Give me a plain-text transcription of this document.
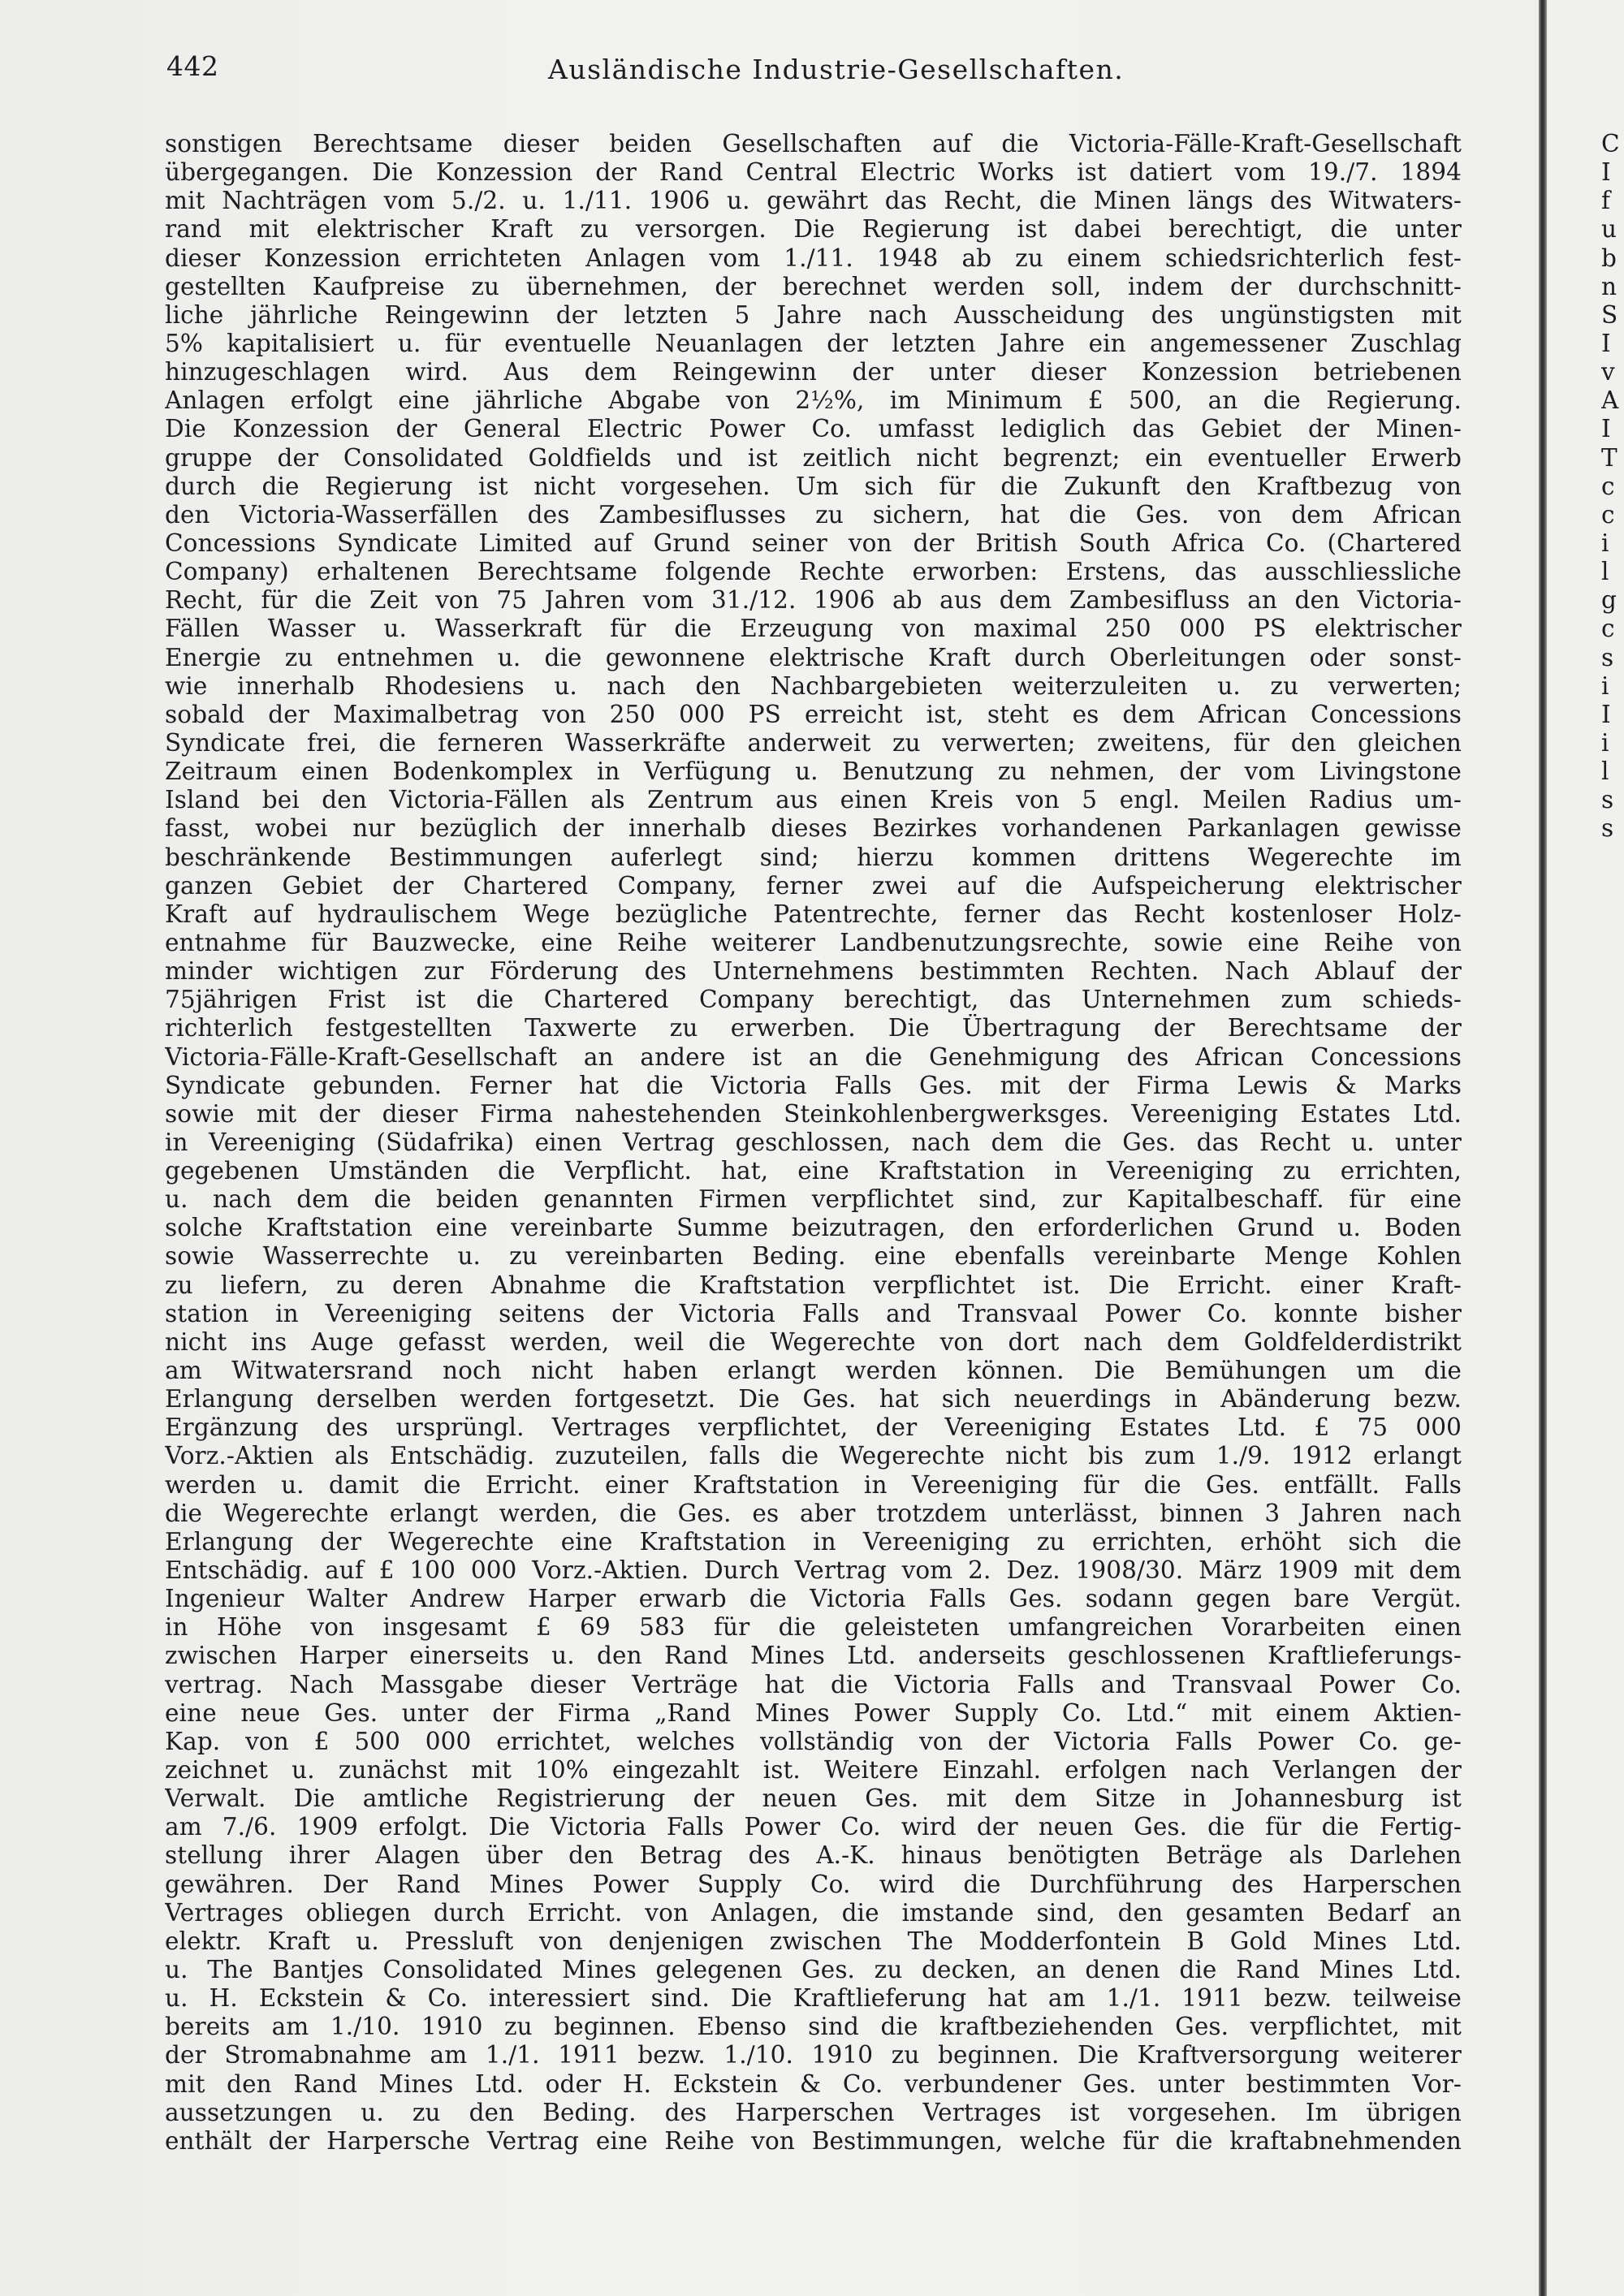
442	Ausländische Industrie-Gesellschaften.
sonstigen Berechtsame dieser beiden Gesellschaften auf die Victoria-Fälle-Kraft-Gesellschaft
übergegangen. Die Konzession der Rand Central Electric Works ist datiert vom 19./7. 1894
mit Nachträgen vom 5./2. u. 1./11. 1906 u. gewährt das Recht, die Minen längs des Witwaters-
rand mit elektrischer Kraft zu versorgen. Die Regierung ist dabei berechtigt, die unter
dieser Konzession errichteten Anlagen vom 1./11. 1948 ab zu einem schiedsrichterlich fest-
gestellten Kaufpreise zu übernehmen, der berechnet werden soll, indem der durchschnitt-
liche jährliche Reingewinn der letzten 5 Jahre nach Ausscheidung des ungünstigsten mit
5% kapitalisiert u. für eventuelle Neuanlagen der letzten Jahre ein angemessener Zuschlag
hinzugeschlagen wird. Aus dem Reingewinn der unter dieser Konzession betriebenen
Anlagen erfolgt eine jährliche Abgabe von 2½%, im Minimum £ 500, an die Regierung.
Die Konzession der General Electric Power Co. umfasst lediglich das Gebiet der Minen-
gruppe der Consolidated Goldfields und ist zeitlich nicht begrenzt; ein eventueller Erwerb
durch die Regierung ist nicht vorgesehen. Um sich für die Zukunft den Kraftbezug von
den Victoria-Wasserfällen des Zambesiflusses zu sichern, hat die Ges. von dem African
Concessions Syndicate Limited auf Grund seiner von der British South Africa Co. (Chartered
Company) erhaltenen Berechtsame folgende Rechte erworben: Erstens, das ausschliessliche
Recht, für die Zeit von 75 Jahren vom 31./12. 1906 ab aus dem Zambesifluss an den Victoria-
Fällen Wasser u. Wasserkraft für die Erzeugung von maximal 250 000 PS elektrischer
Energie zu entnehmen u. die gewonnene elektrische Kraft durch Oberleitungen oder sonst-
wie innerhalb Rhodesiens u. nach den Nachbargebieten weiterzuleiten u. zu verwerten;
sobald der Maximalbetrag von 250 000 PS erreicht ist, steht es dem African Concessions
Syndicate frei, die ferneren Wasserkräfte anderweit zu verwerten; zweitens, für den gleichen
Zeitraum einen Bodenkomplex in Verfügung u. Benutzung zu nehmen, der vom Livingstone
Island bei den Victoria-Fällen als Zentrum aus einen Kreis von 5 engl. Meilen Radius um-
fasst, wobei nur bezüglich der innerhalb dieses Bezirkes vorhandenen Parkanlagen gewisse
beschränkende Bestimmungen auferlegt sind; hierzu kommen drittens Wegerechte im
ganzen Gebiet der Chartered Company, ferner zwei auf die Aufspeicherung elektrischer
Kraft auf hydraulischem Wege bezügliche Patentrechte, ferner das Recht kostenloser Holz-
entnahme für Bauzwecke, eine Reihe weiterer Landbenutzungsrechte, sowie eine Reihe von
minder wichtigen zur Förderung des Unternehmens bestimmten Rechten. Nach Ablauf der
75jährigen Frist ist die Chartered Company berechtigt, das Unternehmen zum schieds-
richterlich festgestellten Taxwerte zu erwerben. Die Übertragung der Berechtsame der
Victoria-Fälle-Kraft-Gesellschaft an andere ist an die Genehmigung des African Concessions
Syndicate gebunden. Ferner hat die Victoria Falls Ges. mit der Firma Lewis & Marks
sowie mit der dieser Firma nahestehenden Steinkohlenbergwerksges. Vereeniging Estates Ltd.
in Vereeniging (Südafrika) einen Vertrag geschlossen, nach dem die Ges. das Recht u. unter
gegebenen Umständen die Verpflicht. hat, eine Kraftstation in Vereeniging zu errichten,
u. nach dem die beiden genannten Firmen verpflichtet sind, zur Kapitalbeschaff. für eine
solche Kraftstation eine vereinbarte Summe beizutragen, den erforderlichen Grund u. Boden
sowie Wasserrechte u. zu vereinbarten Beding. eine ebenfalls vereinbarte Menge Kohlen
zu liefern, zu deren Abnahme die Kraftstation verpflichtet ist. Die Erricht. einer Kraft-
station in Vereeniging seitens der Victoria Falls and Transvaal Power Co. konnte bisher
nicht ins Auge gefasst werden, weil die Wegerechte von dort nach dem Goldfelderdistrikt
am Witwatersrand noch nicht haben erlangt werden können. Die Bemühungen um die
Erlangung derselben werden fortgesetzt. Die Ges. hat sich neuerdings in Abänderung bezw.
Ergänzung des ursprüngl. Vertrages verpflichtet, der Vereeniging Estates Ltd. £ 75 000
Vorz.-Aktien als Entschädig. zuzuteilen, falls die Wegerechte nicht bis zum 1./9. 1912 erlangt
werden u. damit die Erricht. einer Kraftstation in Vereeniging für die Ges. entfällt. Falls
die Wegerechte erlangt werden, die Ges. es aber trotzdem unterlässt, binnen 3 Jahren nach
Erlangung der Wegerechte eine Kraftstation in Vereeniging zu errichten, erhöht sich die
Entschädig. auf £ 100 000 Vorz.-Aktien. Durch Vertrag vom 2. Dez. 1908/30. März 1909 mit dem
Ingenieur Walter Andrew Harper erwarb die Victoria Falls Ges. sodann gegen bare Vergüt.
in Höhe von insgesamt £ 69 583 für die geleisteten umfangreichen Vorarbeiten einen
zwischen Harper einerseits u. den Rand Mines Ltd. anderseits geschlossenen Kraftlieferungs-
vertrag. Nach Massgabe dieser Verträge hat die Victoria Falls and Transvaal Power Co.
eine neue Ges. unter der Firma „Rand Mines Power Supply Co. Ltd.“ mit einem Aktien-
Kap. von £ 500 000 errichtet, welches vollständig von der Victoria Falls Power Co. ge-
zeichnet u. zunächst mit 10% eingezahlt ist. Weitere Einzahl. erfolgen nach Verlangen der
Verwalt. Die amtliche Registrierung der neuen Ges. mit dem Sitze in Johannesburg ist
am 7./6. 1909 erfolgt. Die Victoria Falls Power Co. wird der neuen Ges. die für die Fertig-
stellung ihrer Alagen über den Betrag des A.-K. hinaus benötigten Beträge als Darlehen
gewähren. Der Rand Mines Power Supply Co. wird die Durchführung des Harperschen
Vertrages obliegen durch Erricht. von Anlagen, die imstande sind, den gesamten Bedarf an
elektr. Kraft u. Pressluft von denjenigen zwischen The Modderfontein B Gold Mines Ltd.
u. The Bantjes Consolidated Mines gelegenen Ges. zu decken, an denen die Rand Mines Ltd.
u. H. Eckstein & Co. interessiert sind. Die Kraftlieferung hat am 1./1. 1911 bezw. teilweise
bereits am 1./10. 1910 zu beginnen. Ebenso sind die kraftbeziehenden Ges. verpflichtet, mit
der Stromabnahme am 1./1. 1911 bezw. 1./10. 1910 zu beginnen. Die Kraftversorgung weiterer
mit den Rand Mines Ltd. oder H. Eckstein & Co. verbundener Ges. unter bestimmten Vor-
aussetzungen u. zu den Beding. des Harperschen Vertrages ist vorgesehen. Im übrigen
enthält der Harpersche Vertrag eine Reihe von Bestimmungen, welche für die kraftabnehmenden
C
I
f
u
b
n
S
I
v
A
I
T
c
c
i
l
g
c
s
i
I
i
l
s
s
